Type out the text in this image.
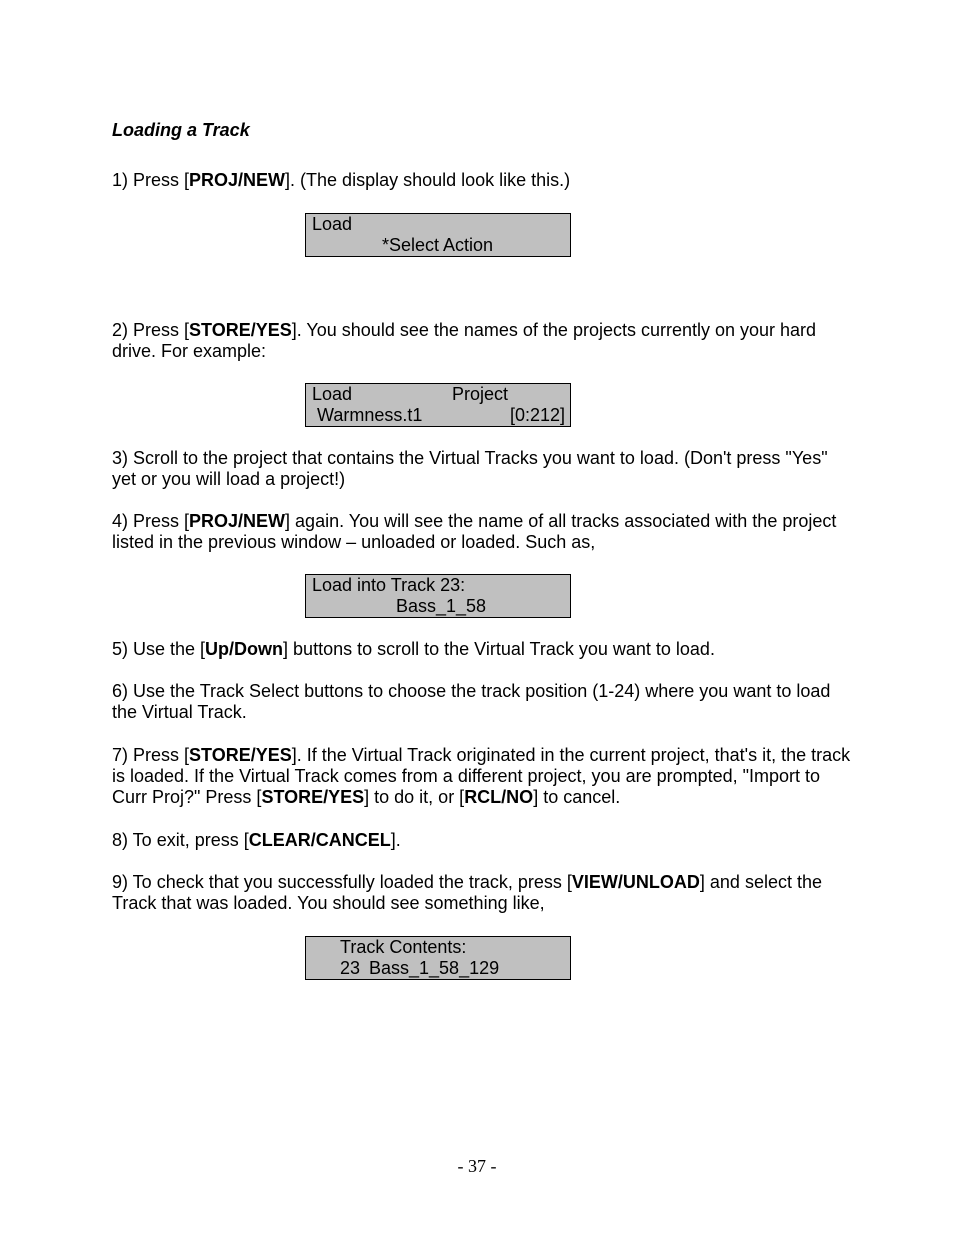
Loading a Track
1) Press [PROJ/NEW]. (The display should look like this.)
Load
*Select Action
2) Press [STORE/YES]. You should see the names of the projects currently on your hard drive. For example:
Load	Project
Warmness.t1	[0:212]
3) Scroll to the project that contains the Virtual Tracks you want to load. (Don't press "Yes" yet or you will load a project!)
4) Press [PROJ/NEW] again. You will see the name of all tracks associated with the project listed in the previous window – unloaded or loaded. Such as,
Load into Track 23:
Bass_1_58
5) Use the [Up/Down] buttons to scroll to the Virtual Track you want to load.
6) Use the Track Select buttons to choose the track position (1-24) where you want to load the Virtual Track.
7) Press [STORE/YES]. If the Virtual Track originated in the current project, that's it, the track is loaded. If the Virtual Track comes from a different project, you are prompted, "Import to Curr Proj?" Press [STORE/YES] to do it, or [RCL/NO] to cancel.
8) To exit, press [CLEAR/CANCEL].
9) To check that you successfully loaded the track, press [VIEW/UNLOAD] and select the Track that was loaded. You should see something like,
Track Contents:
23 Bass_1_58_129
- 37 -
